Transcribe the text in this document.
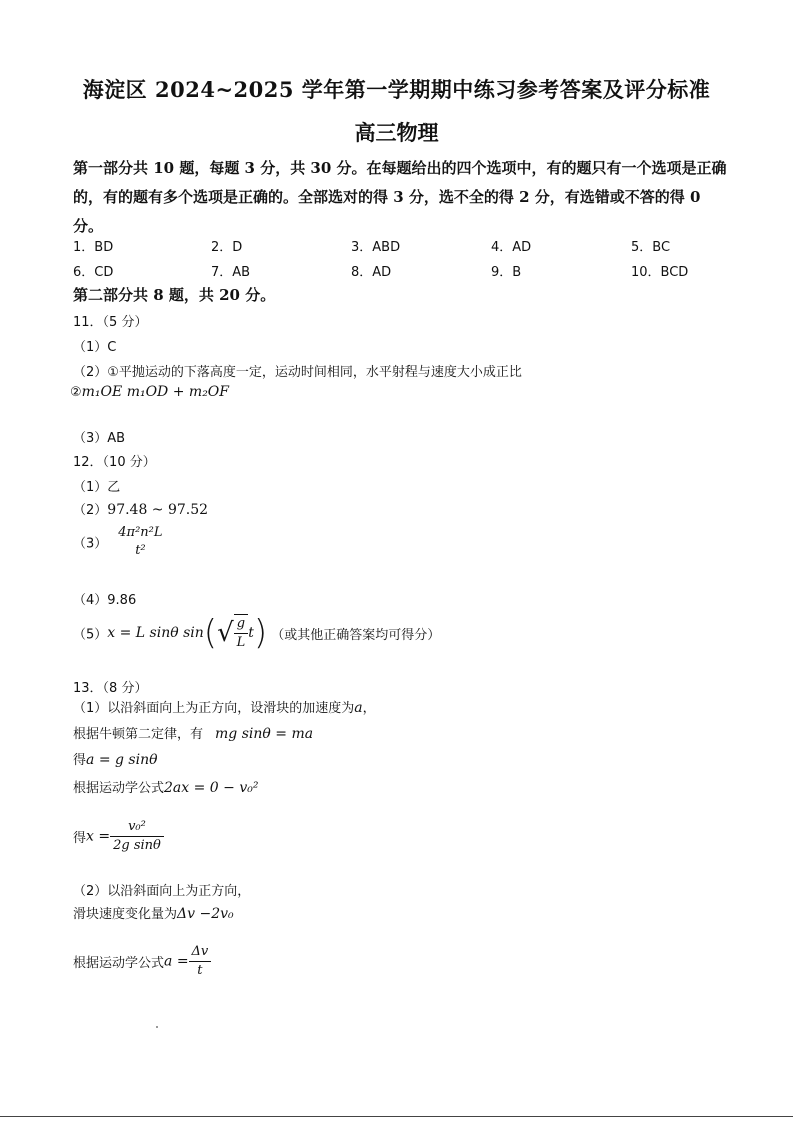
海淀区 2024~2025 学年第一学期期中练习参考答案及评分标准
高三物理
第一部分共 10 题，每题 3 分，共 30 分。在每题给出的四个选项中，有的题只有一个选项是正确的，有的题有多个选项是正确的。全部选对的得 3 分，选不全的得 2 分，有选错或不答的得 0 分。
1．BD	2．D	3．ABD	4．AD	5．BC
6．CD	7．AB	8．AD	9．B	10．BCD
第二部分共 8 题，共 20 分。
11．（5 分）
（1）C
（2）①平抛运动的下落高度一定，运动时间相同，水平射程与速度大小成正比
②m₁OE m₁OD + m₂OF
（3）AB
12．（10 分）
（1）乙
（2）97.48 ~ 97.52
（3）
4π²n²L
t²
（4）9.86
（5）x = L sinθ $\sin(√ \frac{g}{L} t)$ （或其他正确答案均可得分）
13．（8 分）
（1）以沿斜面向上为正方向，设滑块的加速度为a，
根据牛顿第二定律，有 mg sinθ = ma
得a = g sinθ
根据运动学公式2ax = 0 − v₀²
得$x = \frac{\text{v₀²}}{\text{2g sinθ}}$
（2）以沿斜面向上为正方向，
滑块速度变化量为Δv −2v₀
根据运动学公式$a = \frac{\Delta v}{t}$
